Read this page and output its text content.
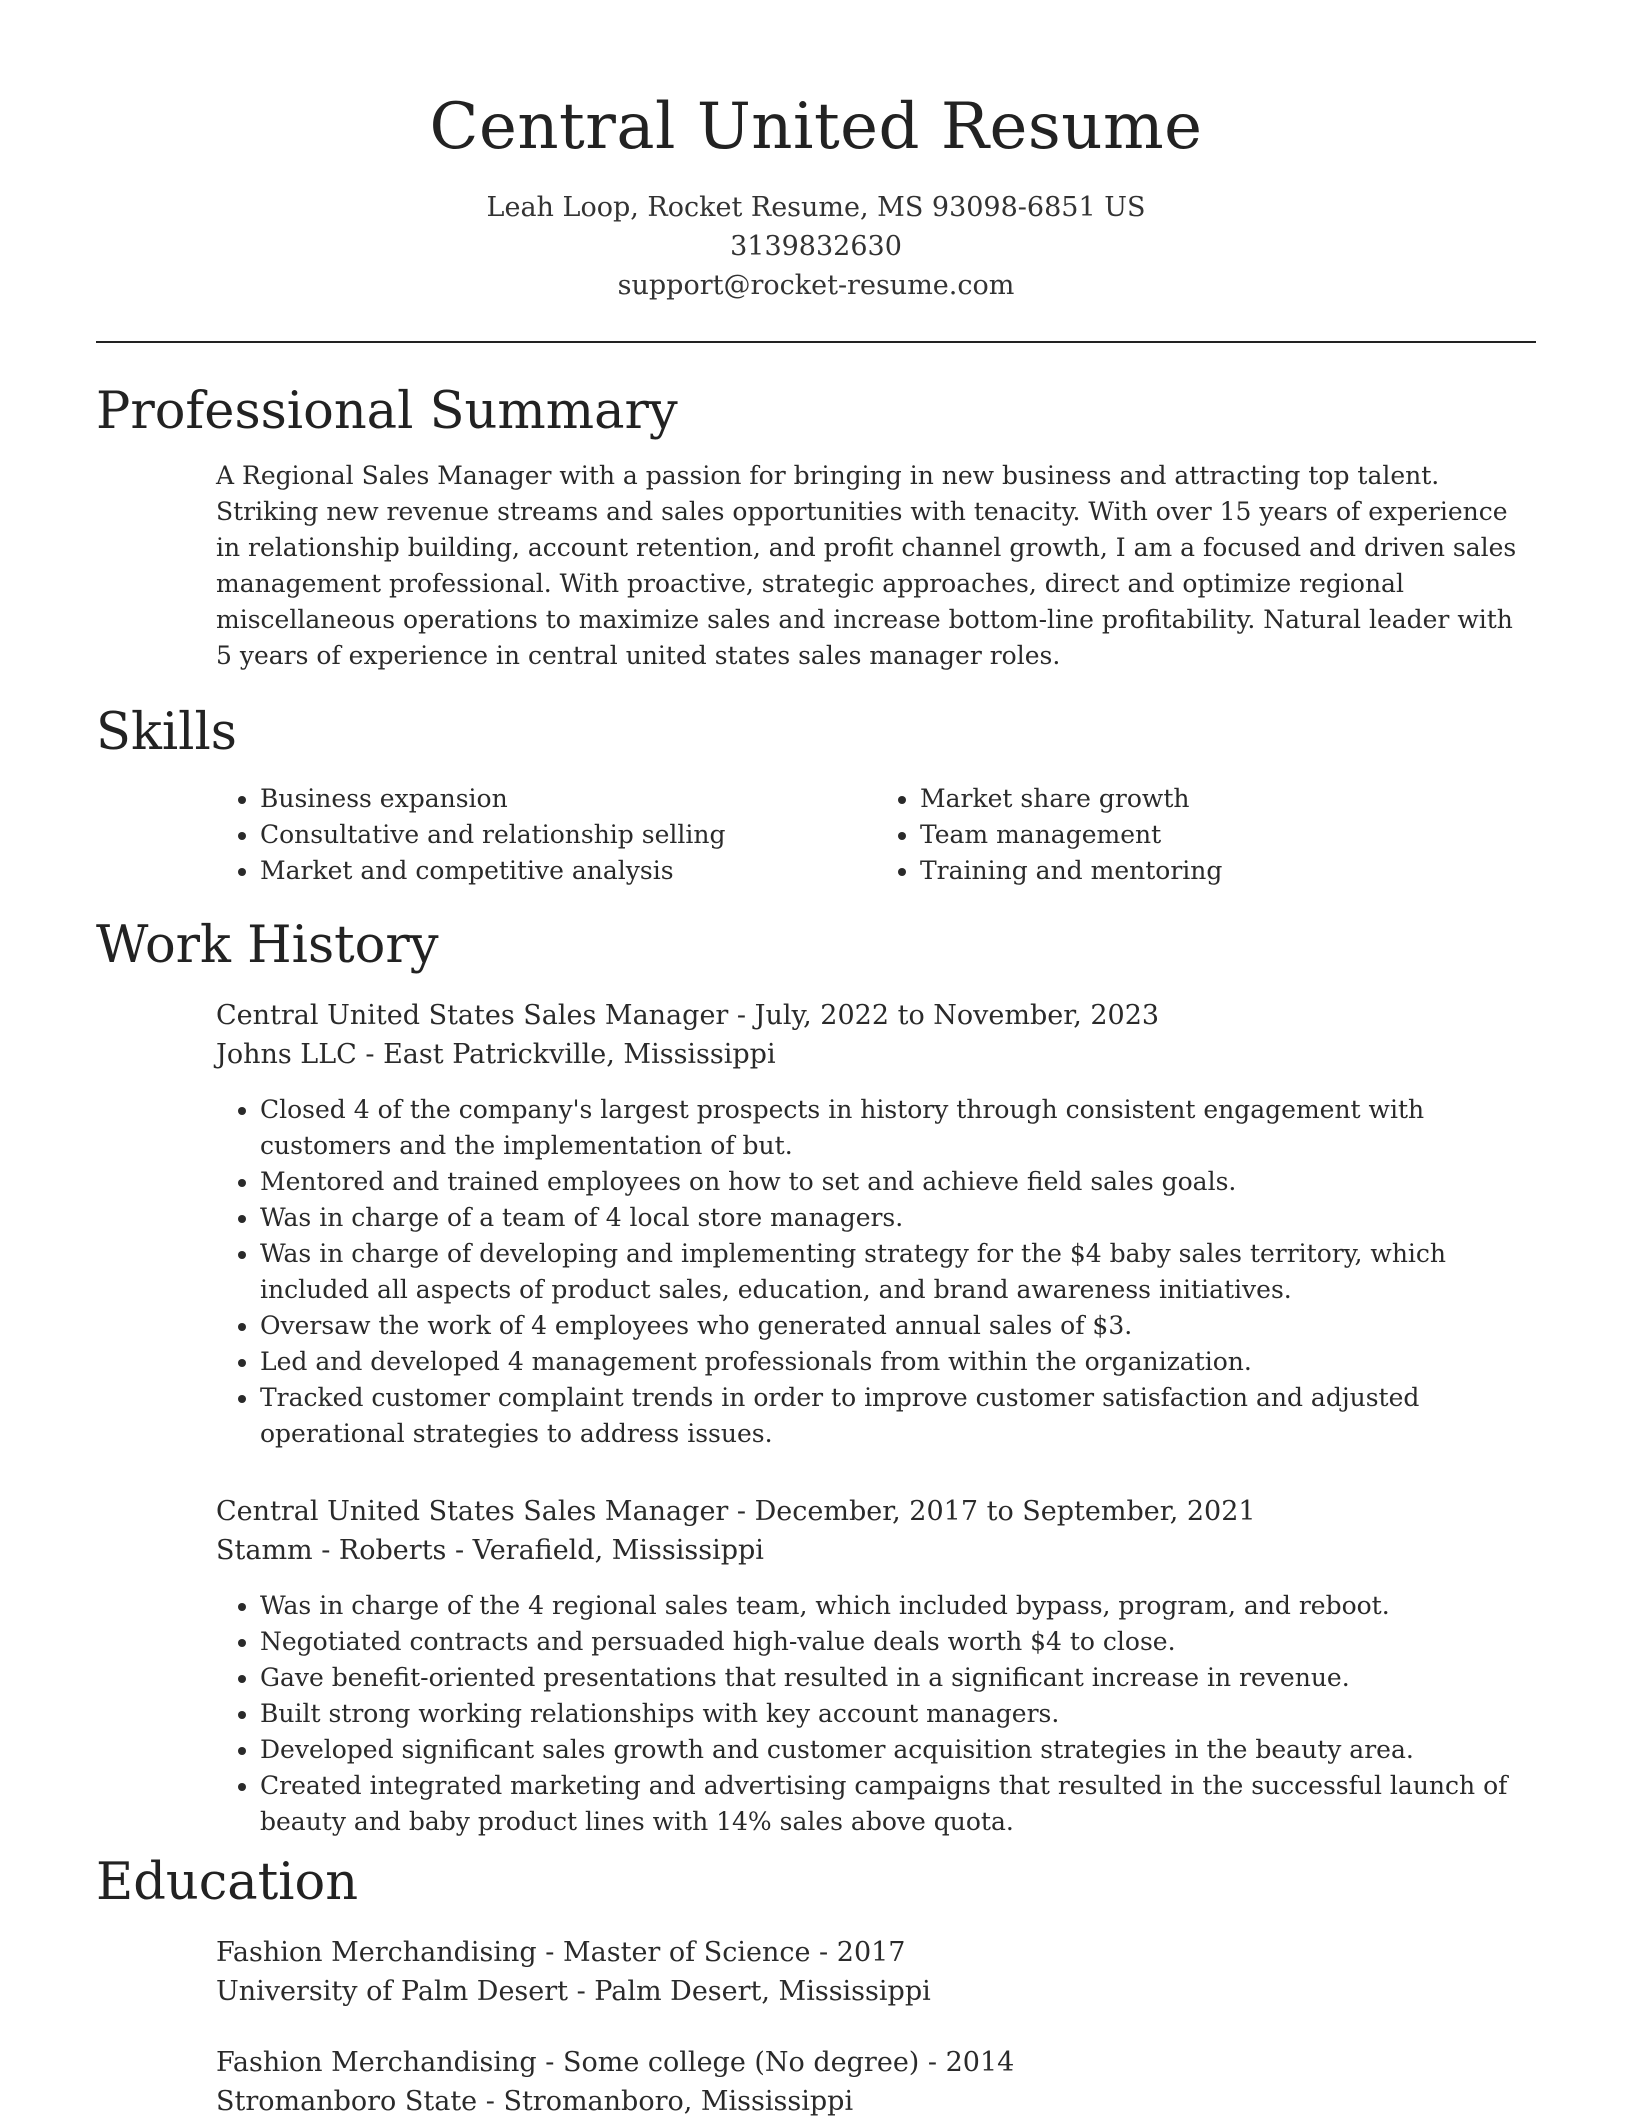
Central United Resume
Leah Loop, Rocket Resume, MS 93098-6851 US
3139832630
support@rocket-resume.com
Professional Summary
A Regional Sales Manager with a passion for bringing in new business and attracting top talent. Striking new revenue streams and sales opportunities with tenacity. With over 15 years of experience in relationship building, account retention, and profit channel growth, I am a focused and driven sales management professional. With proactive, strategic approaches, direct and optimize regional miscellaneous operations to maximize sales and increase bottom-line profitability. Natural leader with 5 years of experience in central united states sales manager roles.
Skills
• Business expansion
• Consultative and relationship selling
• Market and competitive analysis
• Market share growth
• Team management
• Training and mentoring
Work History
Central United States Sales Manager - July, 2022 to November, 2023
Johns LLC - East Patrickville, Mississippi
• Closed 4 of the company's largest prospects in history through consistent engagement with customers and the implementation of but.
• Mentored and trained employees on how to set and achieve field sales goals.
• Was in charge of a team of 4 local store managers.
• Was in charge of developing and implementing strategy for the $4 baby sales territory, which included all aspects of product sales, education, and brand awareness initiatives.
• Oversaw the work of 4 employees who generated annual sales of $3.
• Led and developed 4 management professionals from within the organization.
• Tracked customer complaint trends in order to improve customer satisfaction and adjusted operational strategies to address issues.
Central United States Sales Manager - December, 2017 to September, 2021
Stamm - Roberts - Verafield, Mississippi
• Was in charge of the 4 regional sales team, which included bypass, program, and reboot.
• Negotiated contracts and persuaded high-value deals worth $4 to close.
• Gave benefit-oriented presentations that resulted in a significant increase in revenue.
• Built strong working relationships with key account managers.
• Developed significant sales growth and customer acquisition strategies in the beauty area.
• Created integrated marketing and advertising campaigns that resulted in the successful launch of beauty and baby product lines with 14% sales above quota.
Education
Fashion Merchandising - Master of Science - 2017
University of Palm Desert - Palm Desert, Mississippi
Fashion Merchandising - Some college (No degree) - 2014
Stromanboro State - Stromanboro, Mississippi
